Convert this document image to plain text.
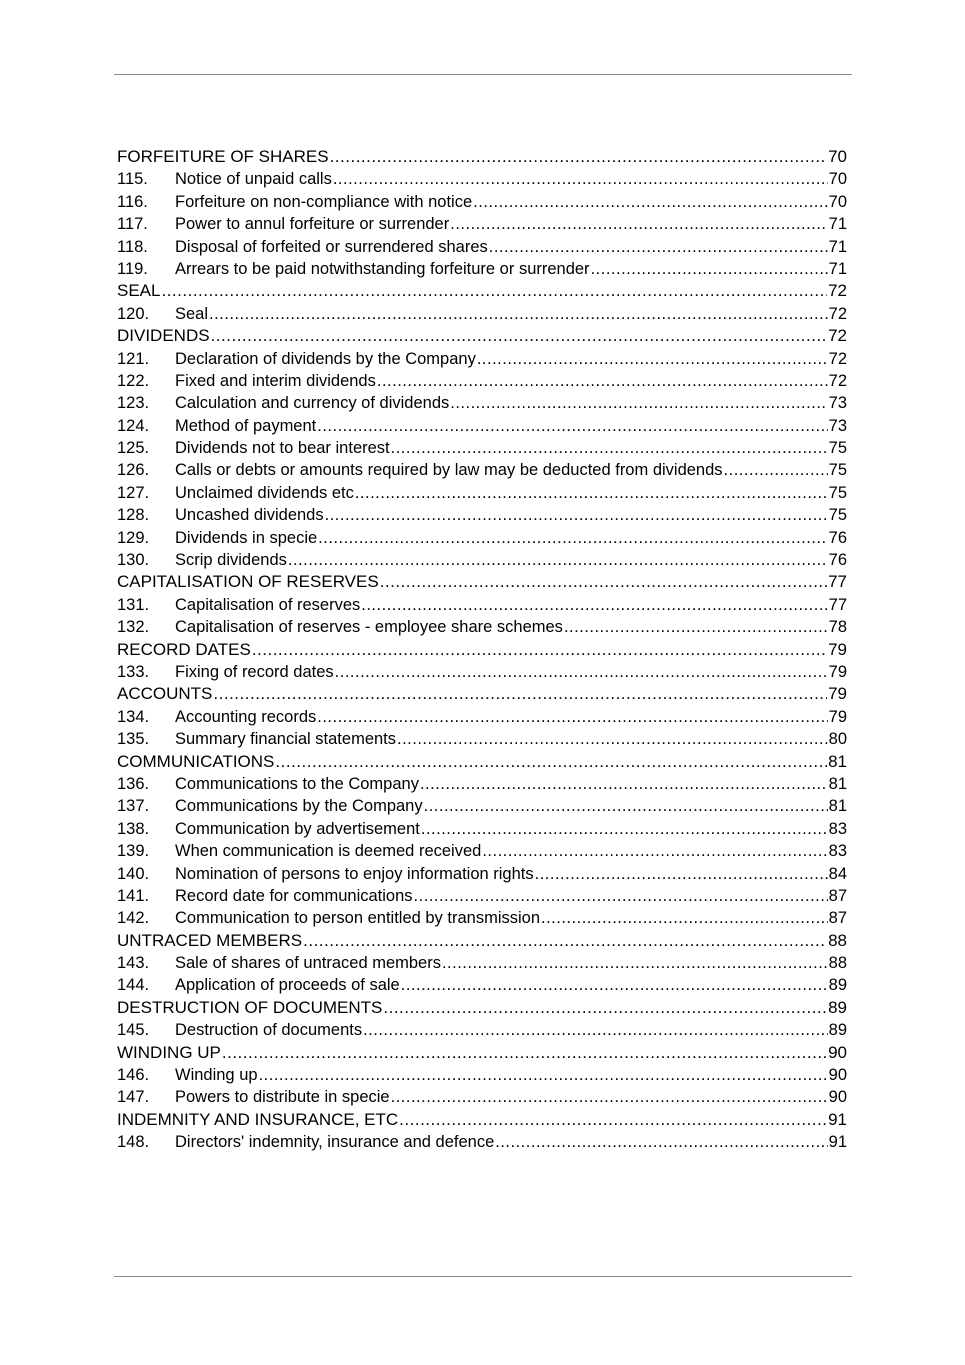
FORFEITURE OF SHARES .....	70
115.	Notice of unpaid calls .....	70
116.	Forfeiture on non-compliance with notice .....	70
117.	Power to annul forfeiture or surrender .....	71
118.	Disposal of forfeited or surrendered shares .....	71
119.	Arrears to be paid notwithstanding forfeiture or surrender .....	71
SEAL .....	72
120.	Seal .....	72
DIVIDENDS .....	72
121.	Declaration of dividends by the Company .....	72
122.	Fixed and interim dividends .....	72
123.	Calculation and currency of dividends .....	73
124.	Method of payment .....	73
125.	Dividends not to bear interest .....	75
126.	Calls or debts or amounts required by law may be deducted from dividends .....	75
127.	Unclaimed dividends etc .....	75
128.	Uncashed dividends .....	75
129.	Dividends in specie .....	76
130.	Scrip dividends .....	76
CAPITALISATION OF RESERVES .....	77
131.	Capitalisation of reserves .....	77
132.	Capitalisation of reserves - employee share schemes .....	78
RECORD DATES .....	79
133.	Fixing of record dates .....	79
ACCOUNTS .....	79
134.	Accounting records .....	79
135.	Summary financial statements .....	80
COMMUNICATIONS .....	81
136.	Communications to the Company .....	81
137.	Communications by the Company .....	81
138.	Communication by advertisement .....	83
139.	When communication is deemed received .....	83
140.	Nomination of persons to enjoy information rights .....	84
141.	Record date for communications .....	87
142.	Communication to person entitled by transmission .....	87
UNTRACED MEMBERS .....	88
143.	Sale of shares of untraced members .....	88
144.	Application of proceeds of sale .....	89
DESTRUCTION OF DOCUMENTS .....	89
145.	Destruction of documents .....	89
WINDING UP .....	90
146.	Winding up .....	90
147.	Powers to distribute in specie .....	90
INDEMNITY AND INSURANCE, ETC .....	91
148.	Directors' indemnity, insurance and defence .....	91
